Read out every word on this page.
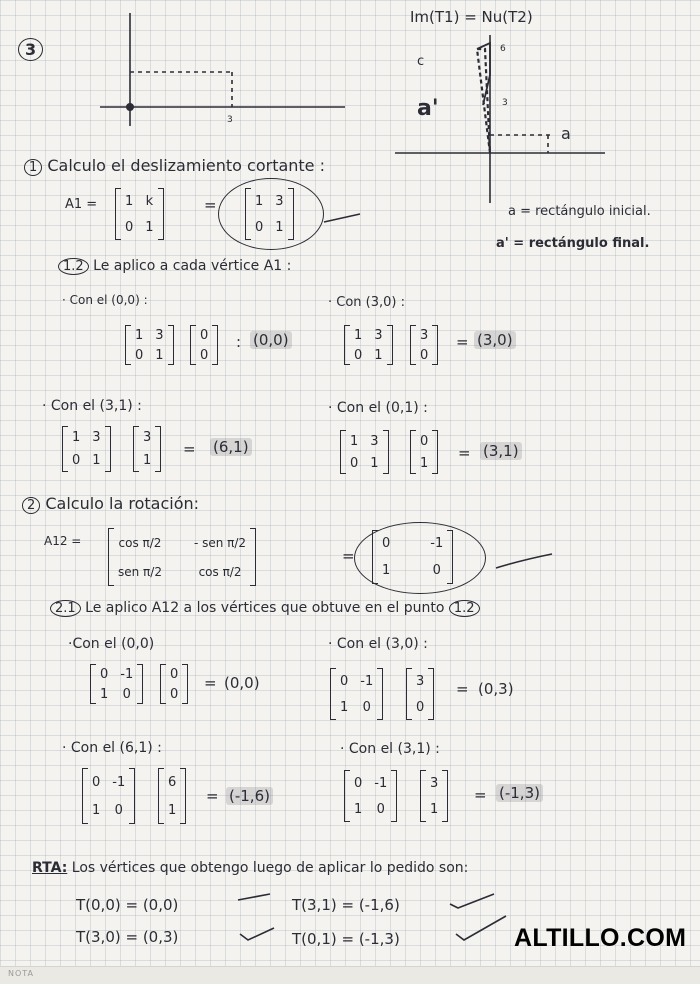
3
3
Im(T1) = Nu(T2)
a'
a
c
6
3
a = rectángulo inicial.
a' = rectángulo final.
1 Calculo el deslizamiento cortante :
A1 = 1 k
0 1
=	1 3
0 1
1.2 Le aplico a cada vértice A1 :
· Con el (0,0) :
1 3
0 1
0
0
: (0,0)
· Con (3,0) :
1 3
0 1
3
0
= (3,0)
· Con el (3,1) :
1 3
0 1
3
1
= (6,1)
· Con el (0,1) :
1 3
0 1
0
1
= (3,1)
2 Calculo la rotación:
A12 =	cos π/2	- sen π/2
sen π/2	cos π/2
=
0	-1
1	0
2.1 Le aplico A12 a los vértices que obtuve en el punto 1.2
·Con el (0,0)
0 -1
1 0
0
0
= (0,0)
· Con el (3,0) :
0 -1
1 0
3
0
= (0,3)
· Con el (6,1) :
0 -1
1 0
6
1
= (-1,6)
· Con el (3,1) :
0 -1
1 0
3
1
= (-1,3)
RTA: Los vértices que obtengo luego de aplicar lo pedido son:
T(0,0) = (0,0)	T(3,1) = (-1,6)
T(3,0) = (0,3)	T(0,1) = (-1,3)
NOTA
ALTILLO.COM
